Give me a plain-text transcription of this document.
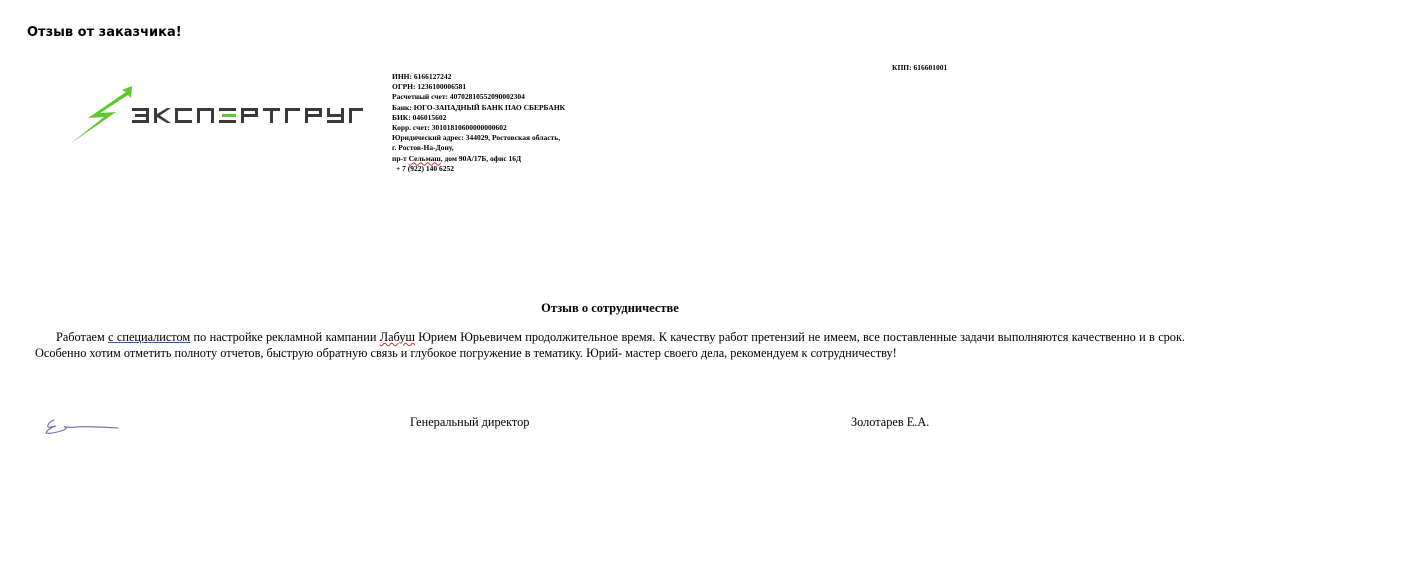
Отзыв от заказчика!
ИНН: 6166127242
ОГРН: 1236100006581
Расчетный счет: 40702810552090002304
Банк: ЮГО-ЗАПАДНЫЙ БАНК ПАО СБЕРБАНК
БИК: 046015602
Корр. счет: 30101810600000000602
Юридический адрес: 344029, Ростовская область,
г. Ростов-На-Дону,
пр-т Сельмаш, дом 90А/17Б, офис 16Д
+ 7 (922) 140 6252
КПП: 616601001
Отзыв о сотрудничестве

Работаем с специалистом по настройке рекламной кампании Лабуш Юрием Юрьевичем продолжительное время. К качеству работ претензий не имеем, все поставленные задачи выполняются качественно и в срок. Особенно хотим отметить полноту отчетов, быструю обратную связь и глубокое погружение в тематику. Юрий- мастер своего дела, рекомендуем к сотрудничеству!

Генеральный директор	Золотарев Е.А.
